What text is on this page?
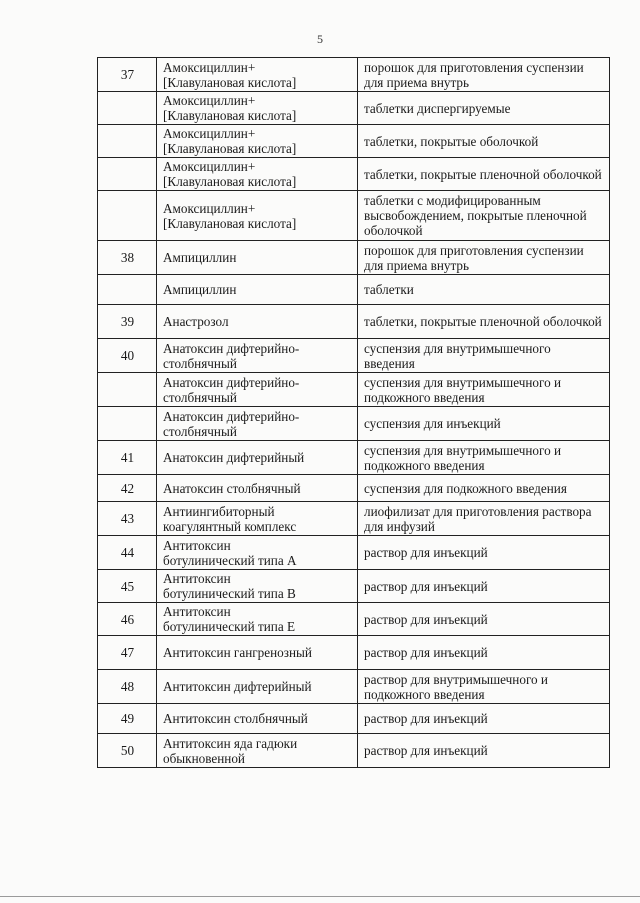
5
37	Амоксициллин+
[Клавулановая кислота]	порошок для приготовления суспензии для приема внутрь
	Амоксициллин+
[Клавулановая кислота]	таблетки диспергируемые
	Амоксициллин+
[Клавулановая кислота]	таблетки, покрытые оболочкой
	Амоксициллин+
[Клавулановая кислота]	таблетки, покрытые пленочной оболочкой
	Амоксициллин+
[Клавулановая кислота]	таблетки с модифицированным высвобождением, покрытые пленочной оболочкой
38	Ампициллин	порошок для приготовления суспензии для приема внутрь
	Ампициллин	таблетки
39	Анастрозол	таблетки, покрытые пленочной оболочкой
40	Анатоксин дифтерийно-
столбнячный	суспензия для внутримышечного введения
	Анатоксин дифтерийно-
столбнячный	суспензия для внутримышечного и подкожного введения
	Анатоксин дифтерийно-
столбнячный	суспензия для инъекций
41	Анатоксин дифтерийный	суспензия для внутримышечного и подкожного введения
42	Анатоксин столбнячный	суспензия для подкожного введения
43	Антиингибиторный коагулянтный комплекс	лиофилизат для приготовления раствора для инфузий
44	Антитоксин
ботулинический типа А	раствор для инъекций
45	Антитоксин
ботулинический типа В	раствор для инъекций
46	Антитоксин
ботулинический типа Е	раствор для инъекций
47	Антитоксин гангренозный	раствор для инъекций
48	Антитоксин дифтерийный	раствор для внутримышечного и подкожного введения
49	Антитоксин столбнячный	раствор для инъекций
50	Антитоксин яда гадюки обыкновенной	раствор для инъекций
